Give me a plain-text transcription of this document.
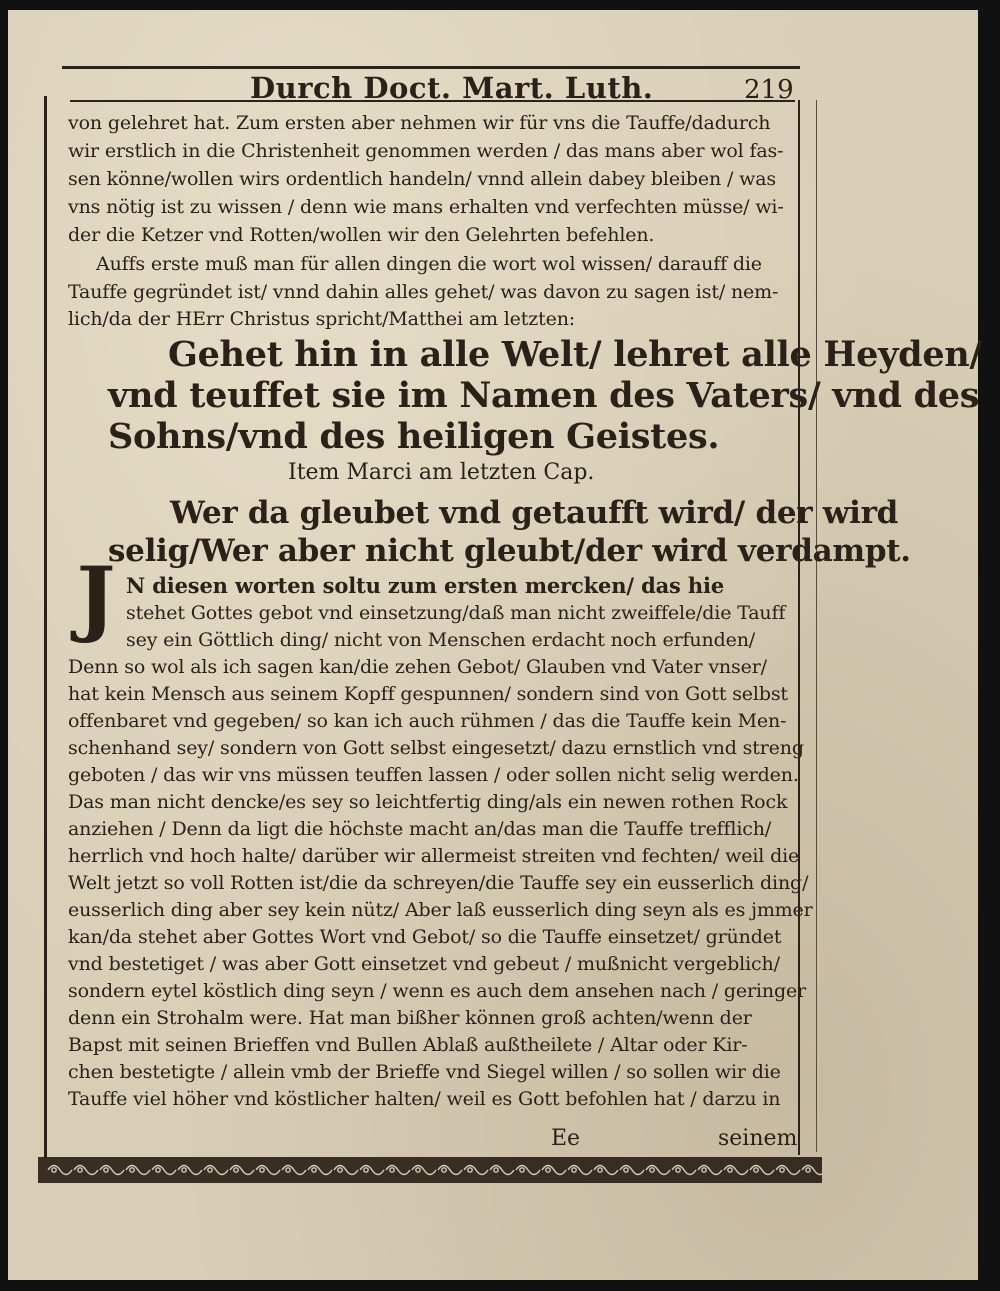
Durch Doct. Mart. Luth.	219
von gelehret hat. Zum ersten aber nehmen wir für vns die Tauffe/dadurch
wir erstlich in die Christenheit genommen werden / das mans aber wol fas-
sen könne/wollen wirs ordentlich handeln/ vnnd allein dabey bleiben / was
vns nötig ist zu wissen / denn wie mans erhalten vnd verfechten müsse/ wi-
der die Ketzer vnd Rotten/wollen wir den Gelehrten befehlen.
Auffs erste muß man für allen dingen die wort wol wissen/ darauff die
Tauffe gegründet ist/ vnnd dahin alles gehet/ was davon zu sagen ist/ nem-
lich/da der HErr Christus spricht/Matthei am letzten:
Gehet hin in alle Welt/ lehret alle Heyden/
vnd teuffet sie im Namen des Vaters/ vnd des
Sohns/vnd des heiligen Geistes.
Item Marci am letzten Cap.
Wer da gleubet vnd getaufft wird/ der wird
selig/Wer aber nicht gleubt/der wird verdampt.
J N diesen worten soltu zum ersten mercken/ das hie
stehet Gottes gebot vnd einsetzung/daß man nicht zweiffele/die Tauff
sey ein Göttlich ding/ nicht von Menschen erdacht noch erfunden/
Denn so wol als ich sagen kan/die zehen Gebot/ Glauben vnd Vater vnser/
hat kein Mensch aus seinem Kopff gespunnen/ sondern sind von Gott selbst
offenbaret vnd gegeben/ so kan ich auch rühmen / das die Tauffe kein Men-
schenhand sey/ sondern von Gott selbst eingesetzt/ dazu ernstlich vnd streng
geboten / das wir vns müssen teuffen lassen / oder sollen nicht selig werden.
Das man nicht dencke/es sey so leichtfertig ding/als ein newen rothen Rock
anziehen / Denn da ligt die höchste macht an/das man die Tauffe trefflich/
herrlich vnd hoch halte/ darüber wir allermeist streiten vnd fechten/ weil die
Welt jetzt so voll Rotten ist/die da schreyen/die Tauffe sey ein eusserlich ding/
eusserlich ding aber sey kein nütz/ Aber laß eusserlich ding seyn als es jmmer
kan/da stehet aber Gottes Wort vnd Gebot/ so die Tauffe einsetzet/ gründet
vnd bestetiget / was aber Gott einsetzet vnd gebeut / mußnicht vergeblich/
sondern eytel köstlich ding seyn / wenn es auch dem ansehen nach / geringer
denn ein Strohalm were. Hat man bißher können groß achten/wenn der
Bapst mit seinen Brieffen vnd Bullen Ablaß außtheilete / Altar oder Kir-
chen bestetigte / allein vmb der Brieffe vnd Siegel willen / so sollen wir die
Tauffe viel höher vnd köstlicher halten/ weil es Gott befohlen hat / darzu in
Ee	seinem
